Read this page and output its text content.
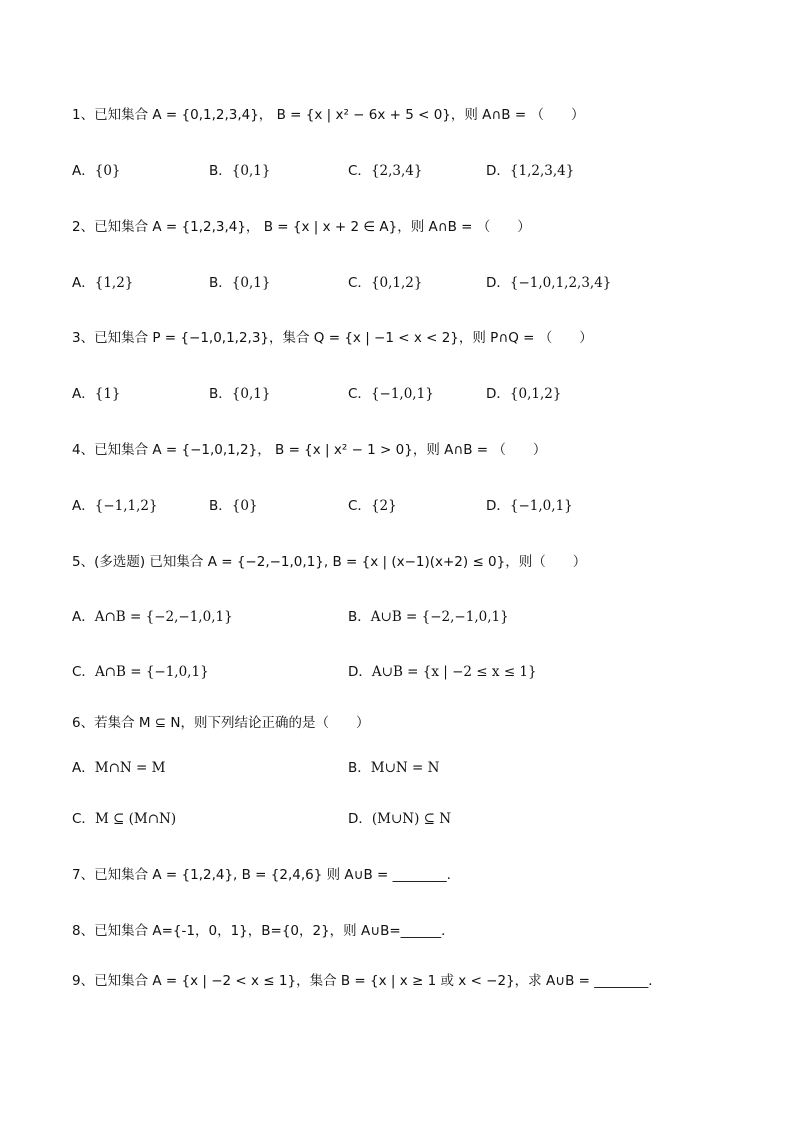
1、已知集合 A = {0,1,2,3,4}， B = {x | x² − 6x + 5 < 0}，则 A∩B = （　　）
A．{0}	B．{0,1}	C．{2,3,4}	D．{1,2,3,4}
2、已知集合 A = {1,2,3,4}， B = {x | x + 2 ∈ A}，则 A∩B = （　　）
A．{1,2}	B．{0,1}	C．{0,1,2}	D．{−1,0,1,2,3,4}
3、已知集合 P = {−1,0,1,2,3}，集合 Q = {x | −1 < x < 2}，则 P∩Q = （　　）
A．{1}	B．{0,1}	C．{−1,0,1}	D．{0,1,2}
4、已知集合 A = {−1,0,1,2}， B = {x | x² − 1 > 0}，则 A∩B = （　　）
A．{−1,1,2}	B．{0}	C．{2}	D．{−1,0,1}
5、(多选题) 已知集合 A = {−2,−1,0,1}, B = {x | (x−1)(x+2) ≤ 0}，则（　　）
A．A∩B = {−2,−1,0,1}	B．A∪B = {−2,−1,0,1}
C．A∩B = {−1,0,1}	D．A∪B = {x | −2 ≤ x ≤ 1}
6、若集合 M ⊆ N，则下列结论正确的是（　　）
A．M∩N = M	B．M∪N = N
C．M ⊆ (M∩N)	D．(M∪N) ⊆ N
7、已知集合 A = {1,2,4}, B = {2,4,6} 则 A∪B = ________.
8、已知集合 A={-1，0，1}，B={0，2}，则 A∪B=______．
9、已知集合 A = {x | −2 < x ≤ 1}，集合 B = {x | x ≥ 1 或 x < −2}，求 A∪B = ________．
